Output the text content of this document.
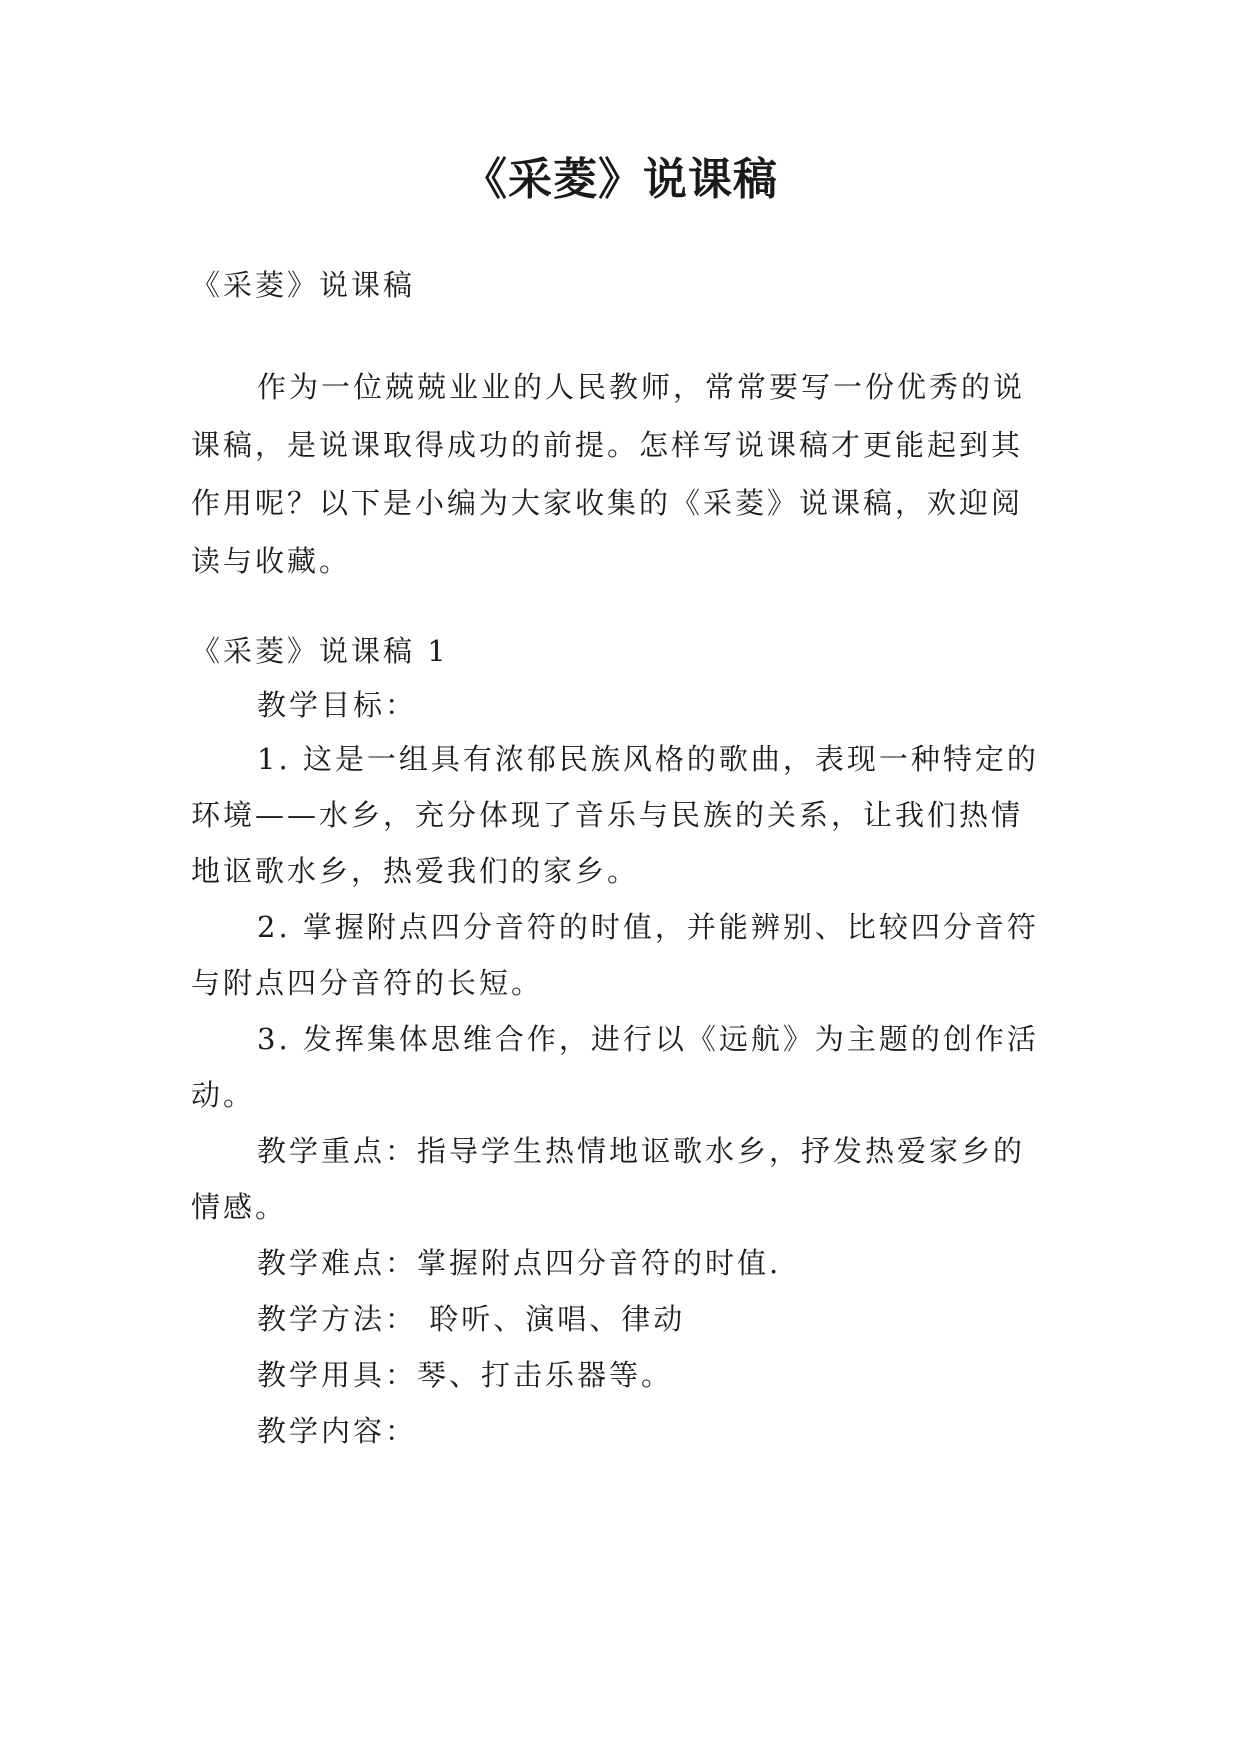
《采菱》说课稿

《采菱》说课稿

作为一位兢兢业业的人民教师，常常要写一份优秀的说

课稿，是说课取得成功的前提。怎样写说课稿才更能起到其

作用呢？以下是小编为大家收集的《采菱》说课稿，欢迎阅

读与收藏。

《采菱》说课稿 1

教学目标：

1. 这是一组具有浓郁民族风格的歌曲，表现一种特定的

环境——水乡，充分体现了音乐与民族的关系，让我们热情

地讴歌水乡，热爱我们的家乡。

2. 掌握附点四分音符的时值，并能辨别、比较四分音符

与附点四分音符的长短。

3. 发挥集体思维合作，进行以《远航》为主题的创作活

动。

教学重点：指导学生热情地讴歌水乡，抒发热爱家乡的

情感。

教学难点：掌握附点四分音符的时值.

教学方法： 聆听、演唱、律动

教学用具：琴、打击乐器等。

教学内容：
